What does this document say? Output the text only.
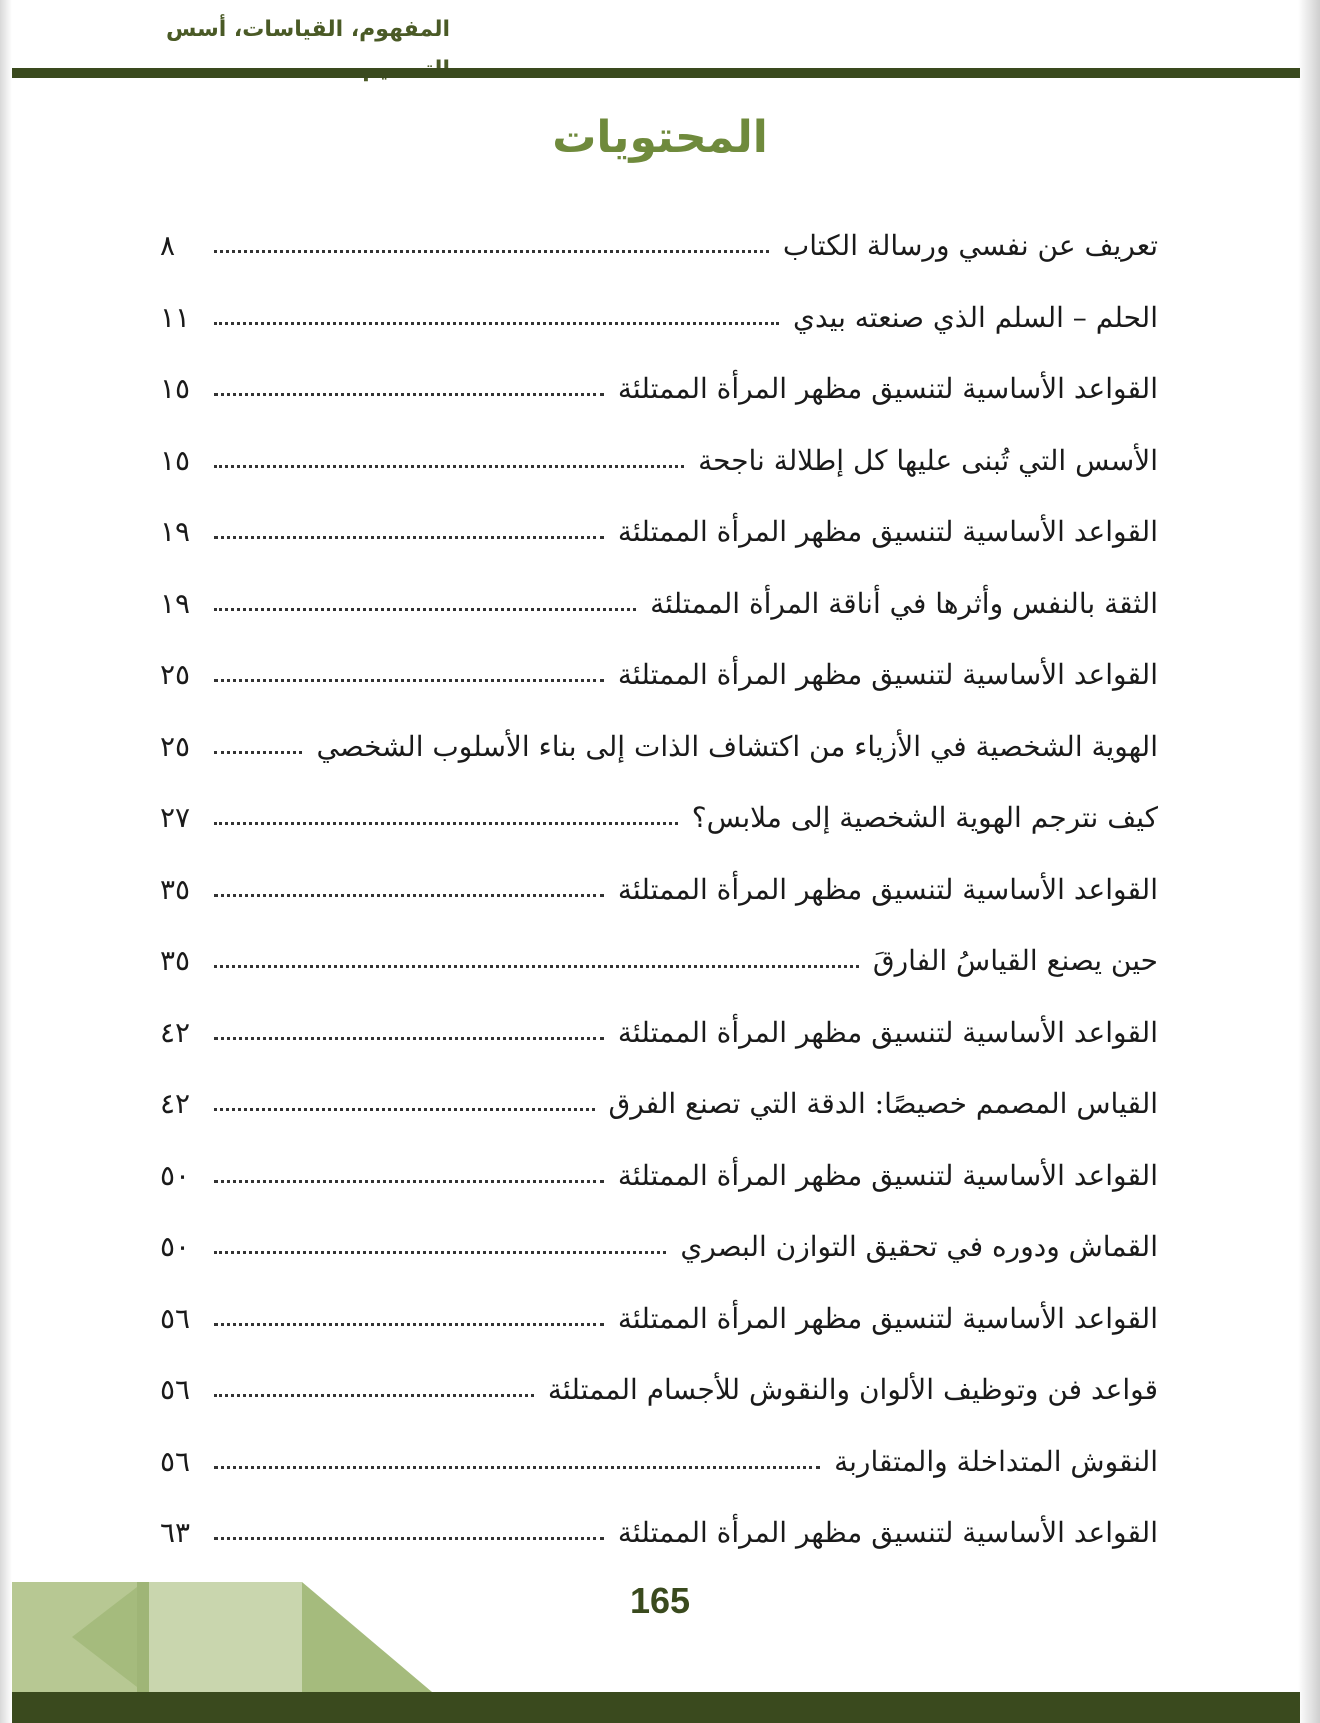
المفهوم، القياسات، أسس
المحتويات
تعريف عن نفسي ورسالة الكتاب
٨
الحلم – السلم الذي صنعته بيدي
١١
القواعد الأساسية لتنسيق مظهر المرأة الممتلئة
١٥
الأسس التي تُبنى عليها كل إطلالة ناجحة
١٥
القواعد الأساسية لتنسيق مظهر المرأة الممتلئة
١٩
الثقة بالنفس وأثرها في أناقة المرأة الممتلئة
١٩
القواعد الأساسية لتنسيق مظهر المرأة الممتلئة
٢٥
الهوية الشخصية في الأزياء من اكتشاف الذات إلى بناء الأسلوب الشخصي
٢٥
كيف نترجم الهوية الشخصية إلى ملابس؟
٢٧
القواعد الأساسية لتنسيق مظهر المرأة الممتلئة
٣٥
حين يصنع القياسُ الفارقَ
٣٥
القواعد الأساسية لتنسيق مظهر المرأة الممتلئة
٤٢
القياس المصمم خصيصًا: الدقة التي تصنع الفرق
٤٢
القواعد الأساسية لتنسيق مظهر المرأة الممتلئة
٥٠
القماش ودوره في تحقيق التوازن البصري
٥٠
القواعد الأساسية لتنسيق مظهر المرأة الممتلئة
٥٦
قواعد فن وتوظيف الألوان والنقوش للأجسام الممتلئة
٥٦
النقوش المتداخلة والمتقاربة
٥٦
القواعد الأساسية لتنسيق مظهر المرأة الممتلئة
٦٣
165
